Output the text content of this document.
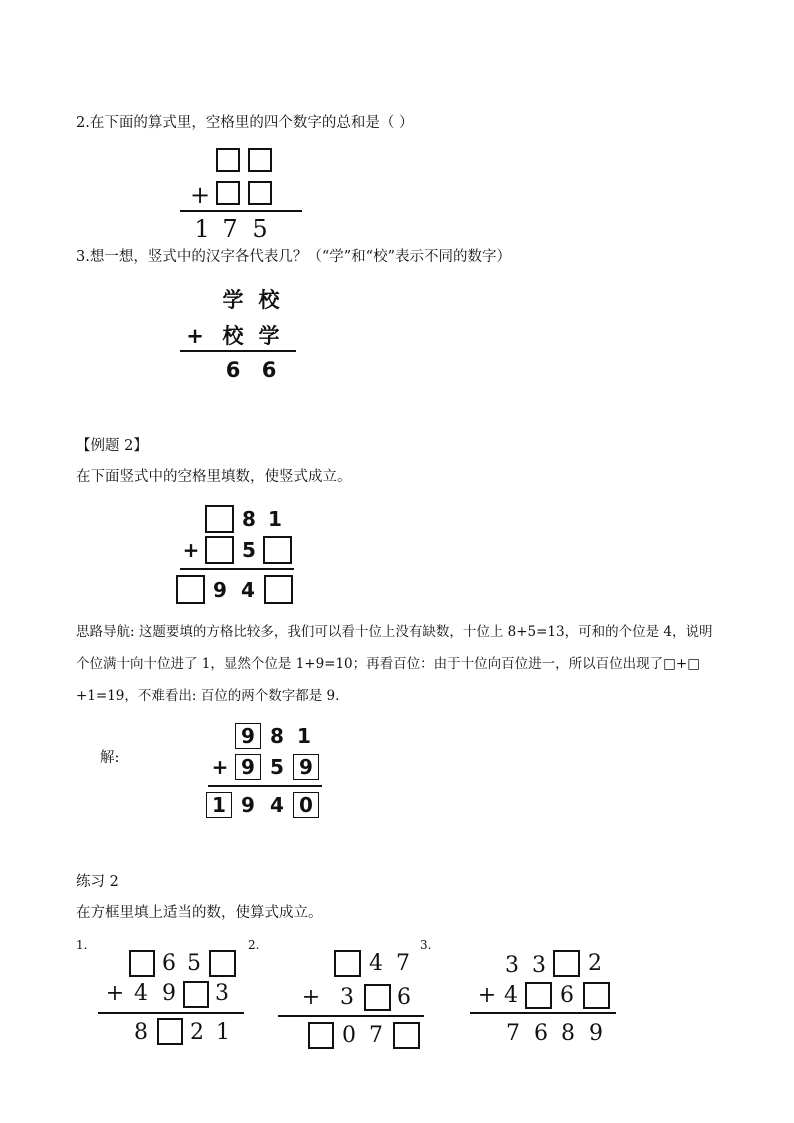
2.在下面的算式里，空格里的四个数字的总和是（ ）
+
1 7 5
3.想一想，竖式中的汉字各代表几？（“学”和“校”表示不同的数字）
学 校
+ 校 学
6 6
【例题 2】
在下面竖式中的空格里填数，使竖式成立。
8 1
+ 5
9 4
思路导航: 这题要填的方格比较多，我们可以看十位上没有缺数，十位上 8+5=13，可和的个位是 4，说明
个位满十向十位进了 1，显然个位是 1+9=10；再看百位：由于十位向百位进一，所以百位出现了□+□
+1=19，不难看出: 百位的两个数字都是 9.
解:
9 8 1
+ 9 5 9
1 9 4 0
练习 2
在方框里填上适当的数，使算式成立。
1.
6 5
+ 4 9 3
8 2 1
2.
4 7
+ 3 6
0 7
3.
3 3 2
+ 4 6
7 6 8 9
